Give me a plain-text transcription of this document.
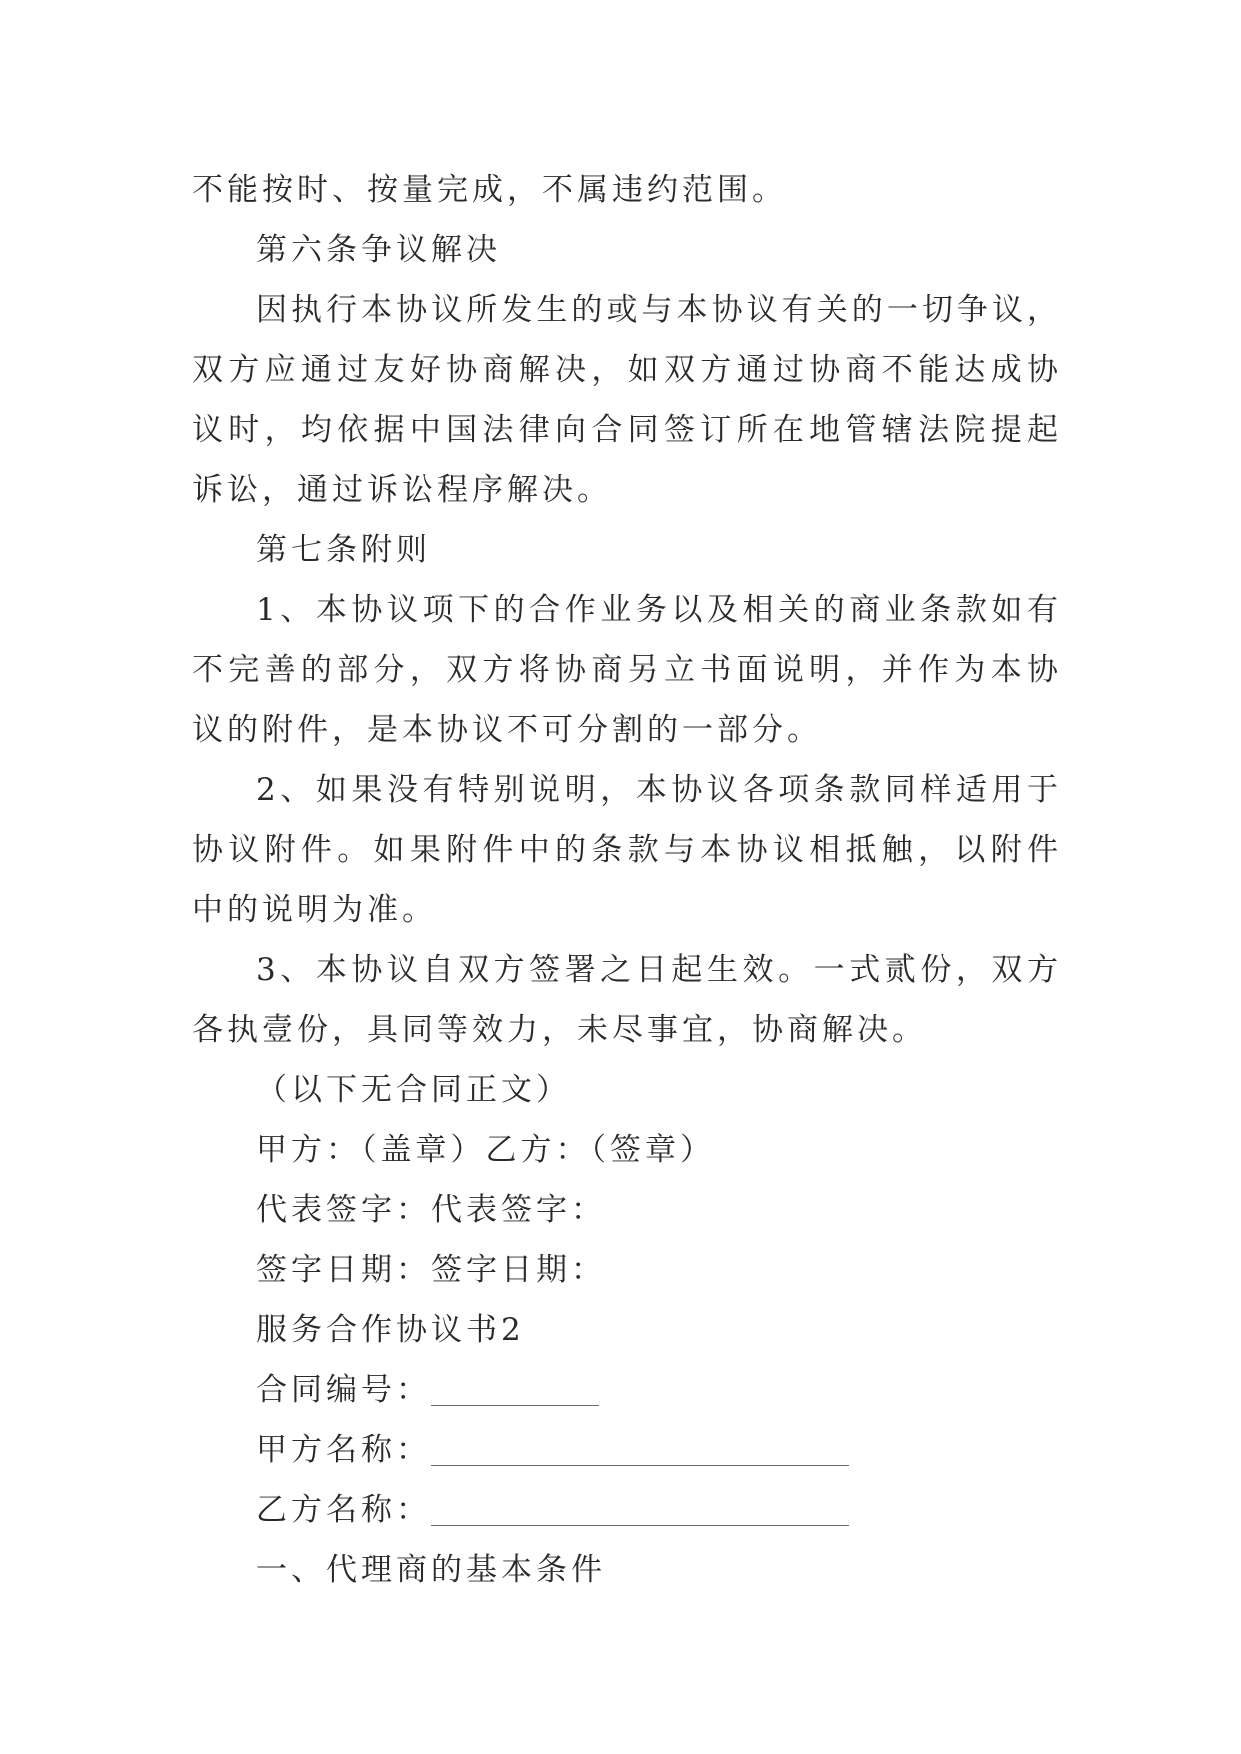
不能按时、按量完成，不属违约范围。

第六条争议解决

因执行本协议所发生的或与本协议有关的一切争议，双方应通过友好协商解决，如双方通过协商不能达成协议时，均依据中国法律向合同签订所在地管辖法院提起诉讼，通过诉讼程序解决。

第七条附则

1、本协议项下的合作业务以及相关的商业条款如有不完善的部分，双方将协商另立书面说明，并作为本协议的附件，是本协议不可分割的一部分。

2、如果没有特别说明，本协议各项条款同样适用于协议附件。如果附件中的条款与本协议相抵触，以附件中的说明为准。

3、本协议自双方签署之日起生效。一式贰份，双方各执壹份，具同等效力，未尽事宜，协商解决。

（以下无合同正文）

甲方：（盖章）乙方：（签章）

代表签字：代表签字：

签字日期：签字日期：

服务合作协议书2

合同编号：

甲方名称：

乙方名称：

一、代理商的基本条件
